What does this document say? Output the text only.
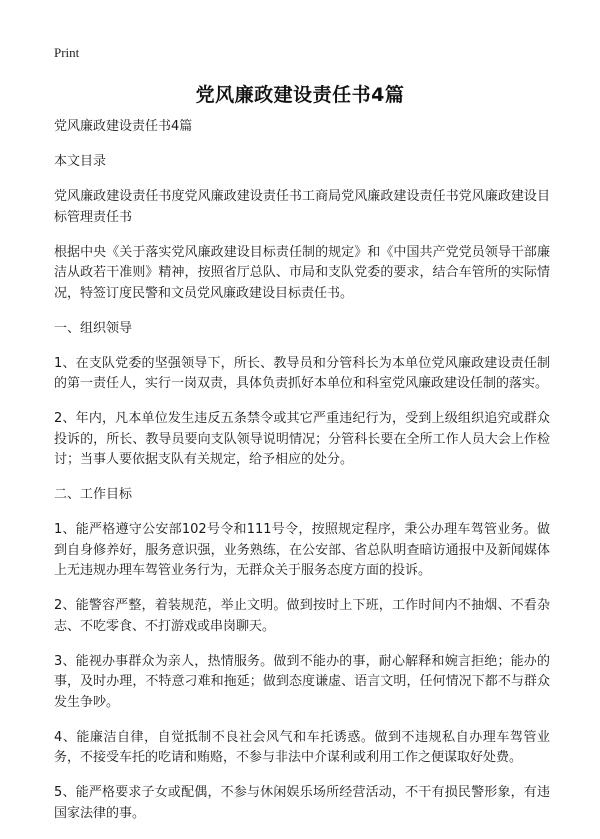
Print
党风廉政建设责任书4篇

党风廉政建设责任书4篇

本文目录

党风廉政建设责任书度党风廉政建设责任书工商局党风廉政建设责任书党风廉政建设目标管理责任书

根据中央《关于落实党风廉政建设目标责任制的规定》和《中国共产党党员领导干部廉洁从政若干准则》精神，按照省厅总队、市局和支队党委的要求，结合车管所的实际情况，特签订度民警和文员党风廉政建设目标责任书。

一、组织领导

1、在支队党委的坚强领导下，所长、教导员和分管科长为本单位党风廉政建设责任制的第一责任人，实行一岗双责，具体负责抓好本单位和科室党风廉政建设任制的落实。

2、年内，凡本单位发生违反五条禁令或其它严重违纪行为，受到上级组织追究或群众投诉的，所长、教导员要向支队领导说明情况；分管科长要在全所工作人员大会上作检讨；当事人要依据支队有关规定，给予相应的处分。

二、工作目标

1、能严格遵守公安部102号令和111号令，按照规定程序，秉公办理车驾管业务。做到自身修养好，服务意识强，业务熟练，在公安部、省总队明查暗访通报中及新闻媒体上无违规办理车驾管业务行为，无群众关于服务态度方面的投诉。

2、能警容严整，着装规范，举止文明。做到按时上下班，工作时间内不抽烟、不看杂志、不吃零食、不打游戏或串岗聊天。

3、能视办事群众为亲人，热情服务。做到不能办的事，耐心解释和婉言拒绝；能办的事，及时办理，不特意刁难和拖延；做到态度谦虚、语言文明，任何情况下都不与群众发生争吵。

4、能廉洁自律，自觉抵制不良社会风气和车托诱惑。做到不违规私自办理车驾管业务，不接受车托的吃请和贿赂，不参与非法中介谋利或利用工作之便谋取好处费。

5、能严格要求子女或配偶，不参与休闲娱乐场所经营活动，不干有损民警形象，有违国家法律的事。
